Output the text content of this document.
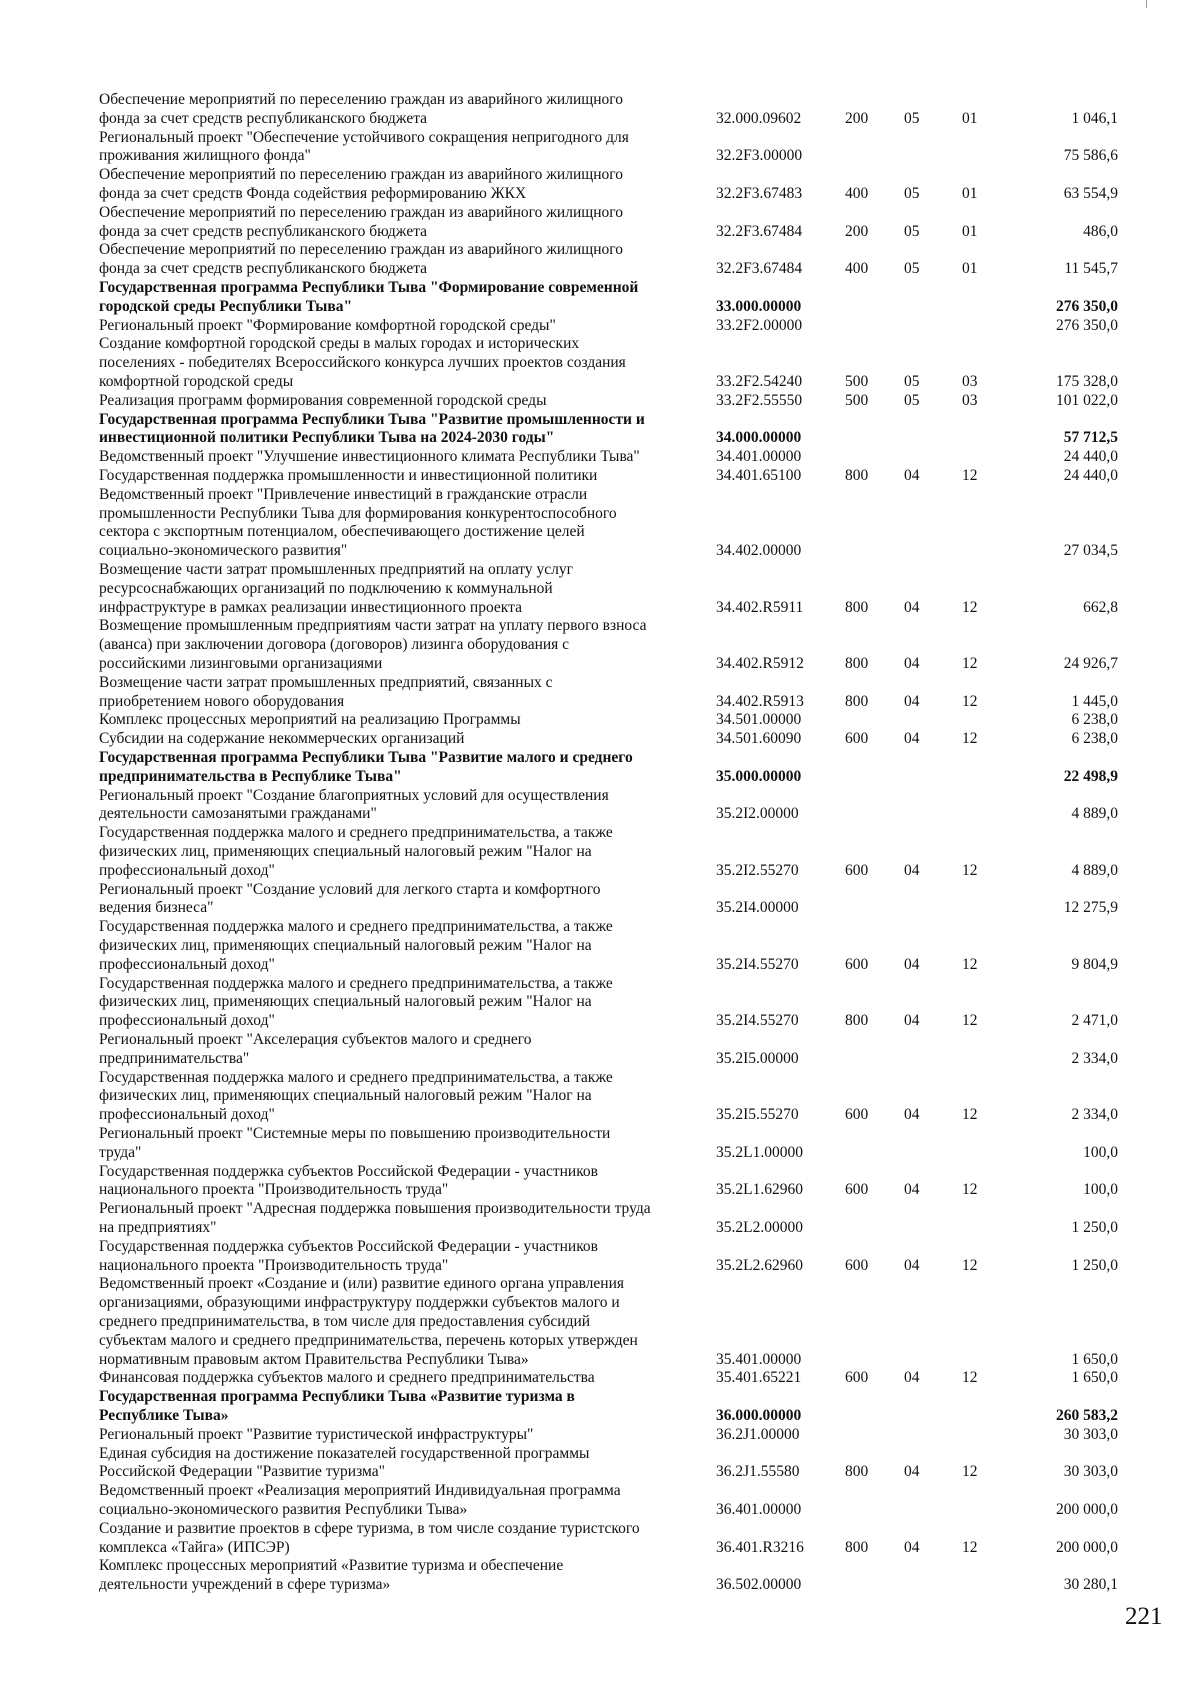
Обеспечение мероприятий по переселению граждан из аварийного жилищного
фонда за счет средств республиканского бюджета	32.000.09602	200 05	01	1 046,1
Региональный проект "Обеспечение устойчивого сокращения непригодного для
проживания жилищного фонда"	32.2F3.00000	75 586,6
Обеспечение мероприятий по переселению граждан из аварийного жилищного
фонда за счет средств Фонда содействия реформированию ЖКХ	32.2F3.67483	400 05	01	63 554,9
Обеспечение мероприятий по переселению граждан из аварийного жилищного
фонда за счет средств республиканского бюджета	32.2F3.67484	200 05	01	486,0
Обеспечение мероприятий по переселению граждан из аварийного жилищного
фонда за счет средств республиканского бюджета	32.2F3.67484	400 05	01	11 545,7
Государственная программа Республики Тыва "Формирование современной
городской среды Республики Тыва"	33.000.00000	276 350,0
Региональный проект "Формирование комфортной городской среды"	33.2F2.00000	276 350,0
Создание комфортной городской среды в малых городах и исторических
поселениях - победителях Всероссийского конкурса лучших проектов создания
комфортной городской среды	33.2F2.54240	500 05	03	175 328,0
Реализация программ формирования современной городской среды	33.2F2.55550	500 05	03	101 022,0
Государственная программа Республики Тыва "Развитие промышленности и
инвестиционной политики Республики Тыва на 2024-2030 годы"	34.000.00000	57 712,5
Ведомственный проект "Улучшение инвестиционного климата Республики Тыва"	34.401.00000	24 440,0
Государственная поддержка промышленности и инвестиционной политики	34.401.65100	800 04	12	24 440,0
Ведомственный проект "Привлечение инвестиций в гражданские отрасли
промышленности Республики Тыва для формирования конкурентоспособного
сектора с экспортным потенциалом, обеспечивающего достижение целей
социально-экономического развития"	34.402.00000	27 034,5
Возмещение части затрат промышленных предприятий на оплату услуг
ресурсоснабжающих организаций по подключению к коммунальной
инфраструктуре в рамках реализации инвестиционного проекта	34.402.R5911	800 04	12	662,8
Возмещение промышленным предприятиям части затрат на уплату первого взноса
(аванса) при заключении договора (договоров) лизинга оборудования с
российскими лизинговыми организациями	34.402.R5912	800 04	12	24 926,7
Возмещение части затрат промышленных предприятий, связанных с
приобретением нового оборудования	34.402.R5913	800 04	12	1 445,0
Комплекс процессных мероприятий на реализацию Программы	34.501.00000	6 238,0
Субсидии на содержание некоммерческих организаций	34.501.60090	600 04	12	6 238,0
Государственная программа Республики Тыва "Развитие малого и среднего
предпринимательства в Республике Тыва"	35.000.00000	22 498,9
Региональный проект "Создание благоприятных условий для осуществления
деятельности самозанятыми гражданами"	35.2I2.00000	4 889,0
Государственная поддержка малого и среднего предпринимательства, а также
физических лиц, применяющих специальный налоговый режим "Налог на
профессиональный доход"	35.2I2.55270	600 04	12	4 889,0
Региональный проект "Создание условий для легкого старта и комфортного
ведения бизнеса"	35.2I4.00000	12 275,9
Государственная поддержка малого и среднего предпринимательства, а также
физических лиц, применяющих специальный налоговый режим "Налог на
профессиональный доход"	35.2I4.55270	600 04	12	9 804,9
Государственная поддержка малого и среднего предпринимательства, а также
физических лиц, применяющих специальный налоговый режим "Налог на
профессиональный доход"	35.2I4.55270	800 04	12	2 471,0
Региональный проект "Акселерация субъектов малого и среднего
предпринимательства"	35.2I5.00000	2 334,0
Государственная поддержка малого и среднего предпринимательства, а также
физических лиц, применяющих специальный налоговый режим "Налог на
профессиональный доход"	35.2I5.55270	600 04	12	2 334,0
Региональный проект "Системные меры по повышению производительности
труда"	35.2L1.00000	100,0
Государственная поддержка субъектов Российской Федерации - участников
национального проекта "Производительность труда"	35.2L1.62960	600 04	12	100,0
Региональный проект "Адресная поддержка повышения производительности труда
на предприятиях"	35.2L2.00000	1 250,0
Государственная поддержка субъектов Российской Федерации - участников
национального проекта "Производительность труда"	35.2L2.62960	600 04	12	1 250,0
Ведомственный проект «Создание и (или) развитие единого органа управления
организациями, образующими инфраструктуру поддержки субъектов малого и
среднего предпринимательства, в том числе для предоставления субсидий
субъектам малого и среднего предпринимательства, перечень которых утвержден
нормативным правовым актом Правительства Республики Тыва»	35.401.00000	1 650,0
Финансовая поддержка субъектов малого и среднего предпринимательства	35.401.65221	600 04	12	1 650,0
Государственная программа Республики Тыва «Развитие туризма в
Республике Тыва»	36.000.00000	260 583,2
Региональный проект "Развитие туристической инфраструктуры"	36.2J1.00000	30 303,0
Единая субсидия на достижение показателей государственной программы
Российской Федерации "Развитие туризма"	36.2J1.55580	800 04	12	30 303,0
Ведомственный проект «Реализация мероприятий Индивидуальная программа
социально-экономического развития Республики Тыва»	36.401.00000	200 000,0
Создание и развитие проектов в сфере туризма, в том числе создание туристского
комплекса «Тайга» (ИПСЭР)	36.401.R3216	800 04	12	200 000,0
Комплекс процессных мероприятий «Развитие туризма и обеспечение
деятельности учреждений в сфере туризма»	36.502.00000	30 280,1
221
